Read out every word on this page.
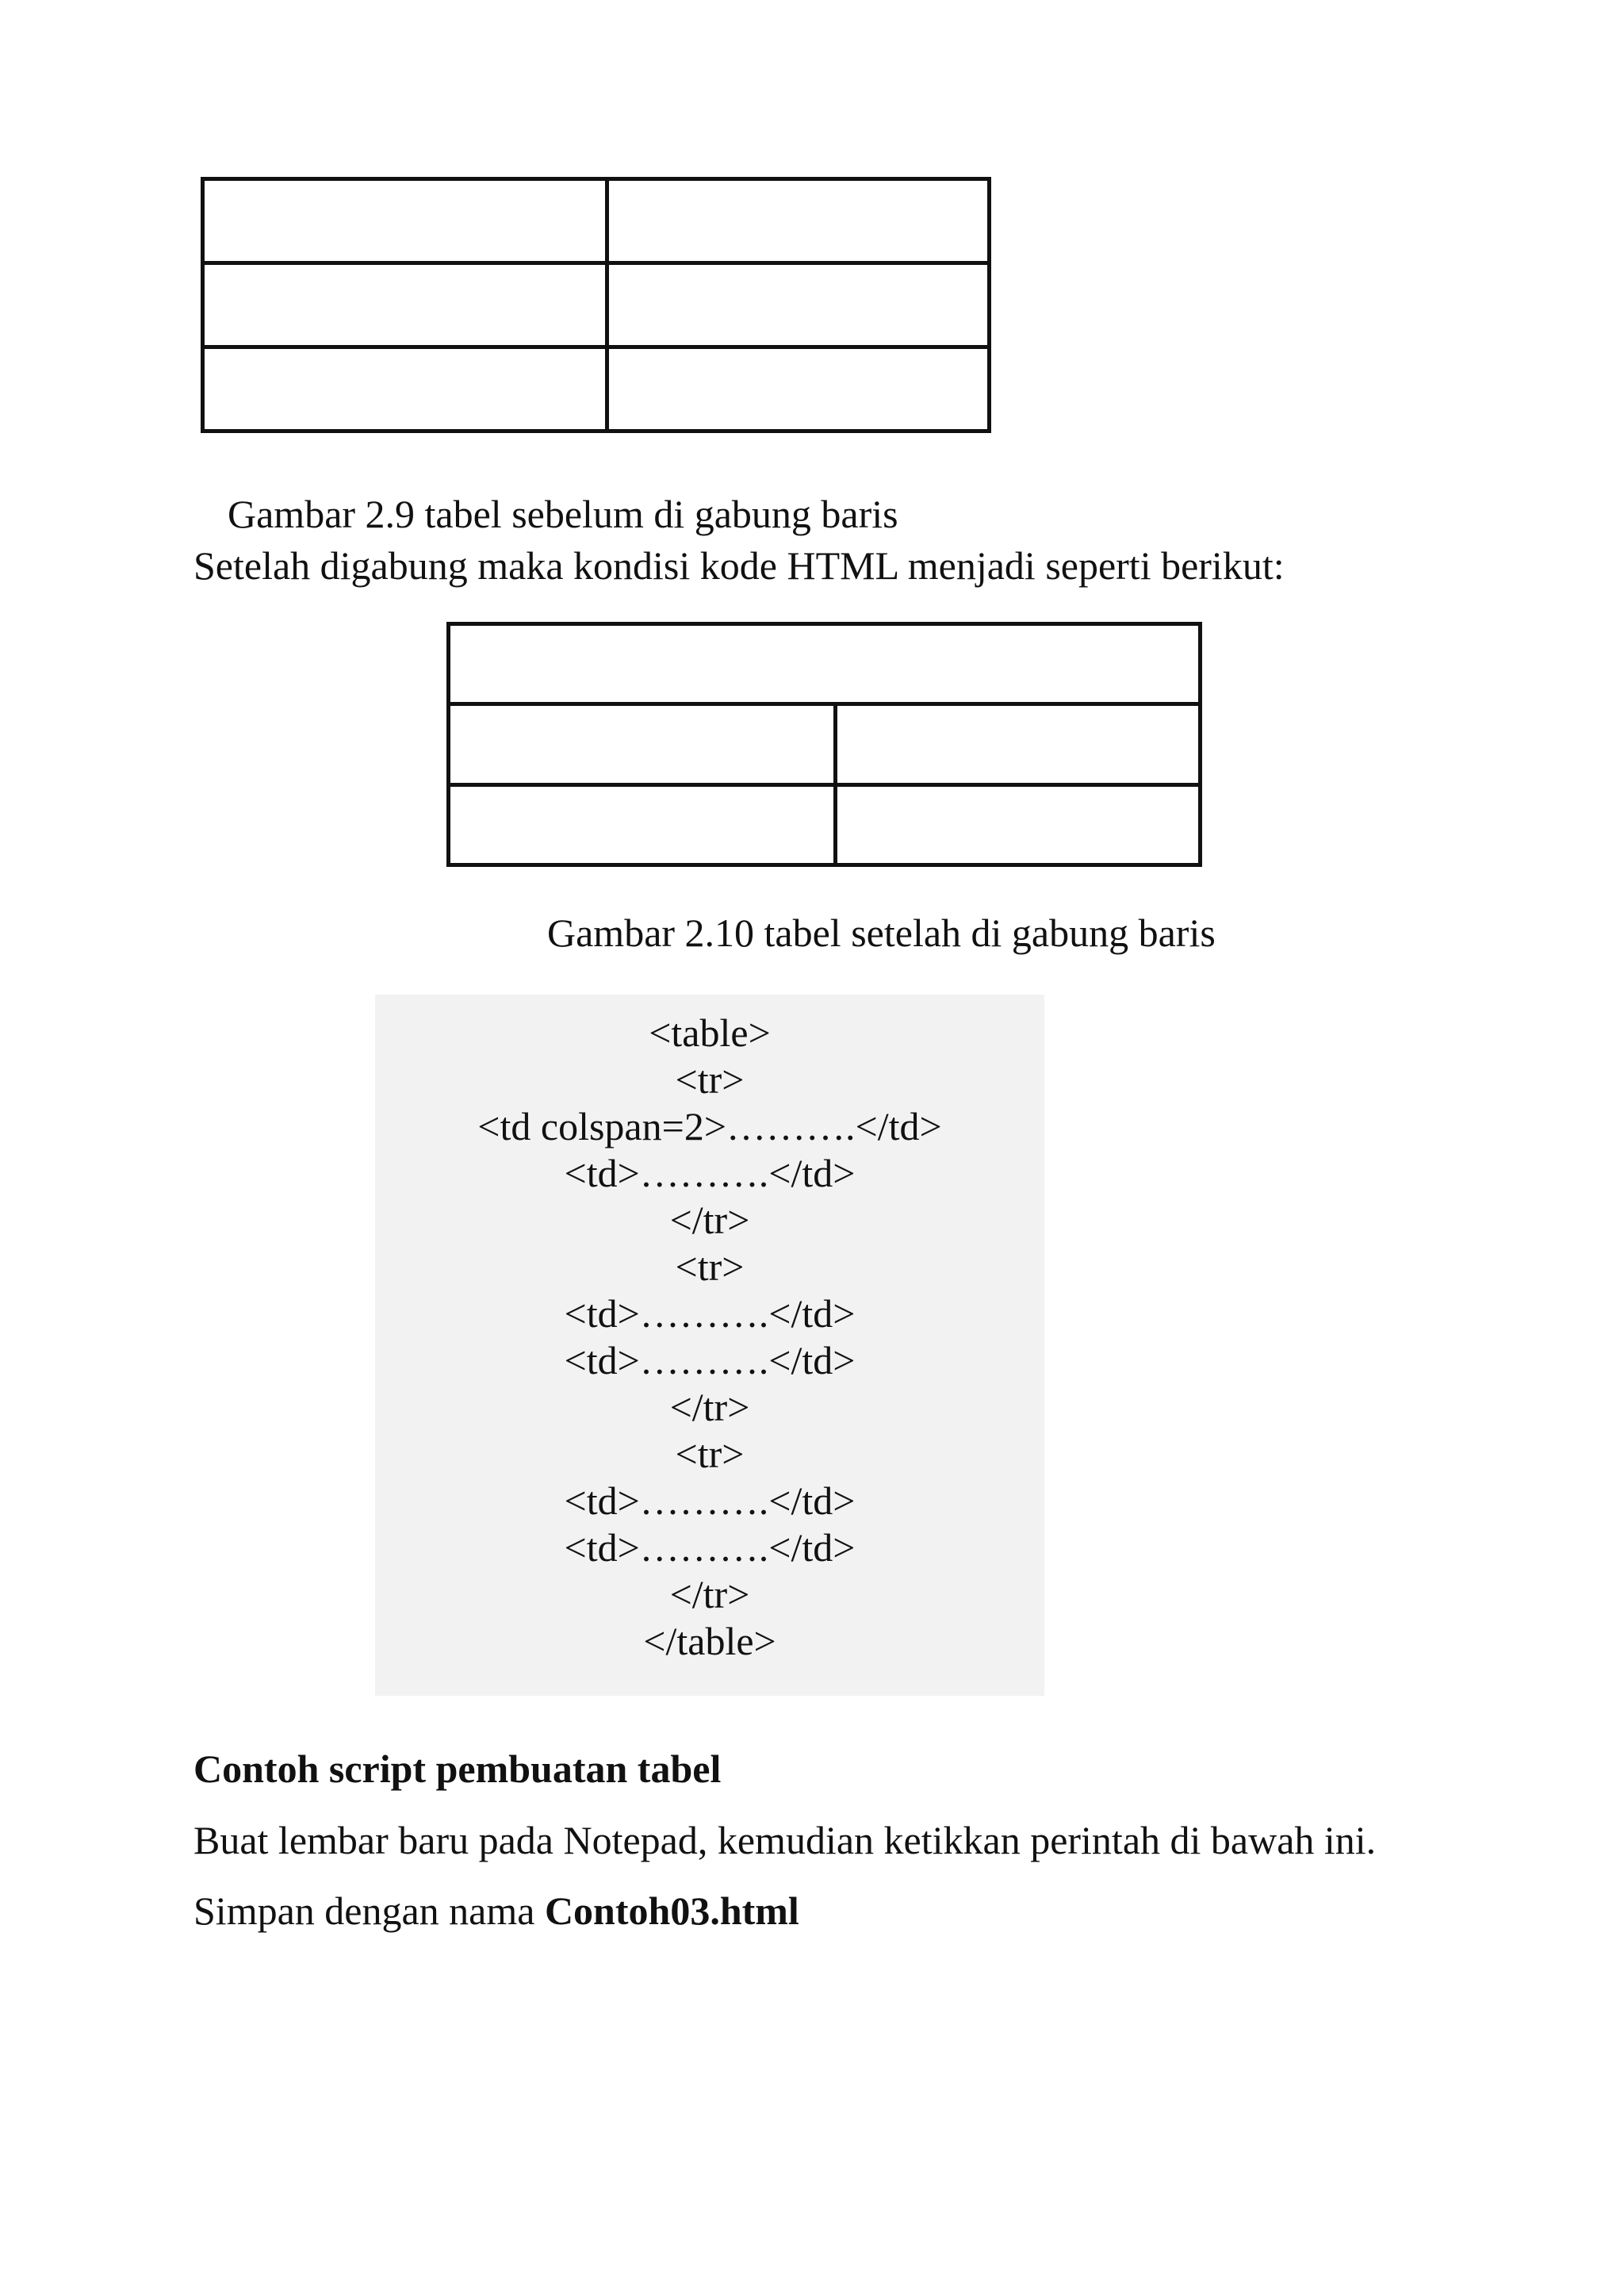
Gambar 2.9 tabel sebelum di gabung baris
Setelah digabung maka kondisi kode HTML menjadi seperti berikut:

Gambar 2.10 tabel setelah di gabung baris
<table>
<tr>
<td colspan=2>……….</td>
<td>……….</td>
</tr>
<tr>
<td>……….</td>
<td>……….</td>
</tr>
<tr>
<td>……….</td>
<td>……….</td>
</tr>
</table>
Contoh script pembuatan tabel
Buat lembar baru pada Notepad, kemudian ketikkan perintah di bawah ini.
Simpan dengan nama Contoh03.html
